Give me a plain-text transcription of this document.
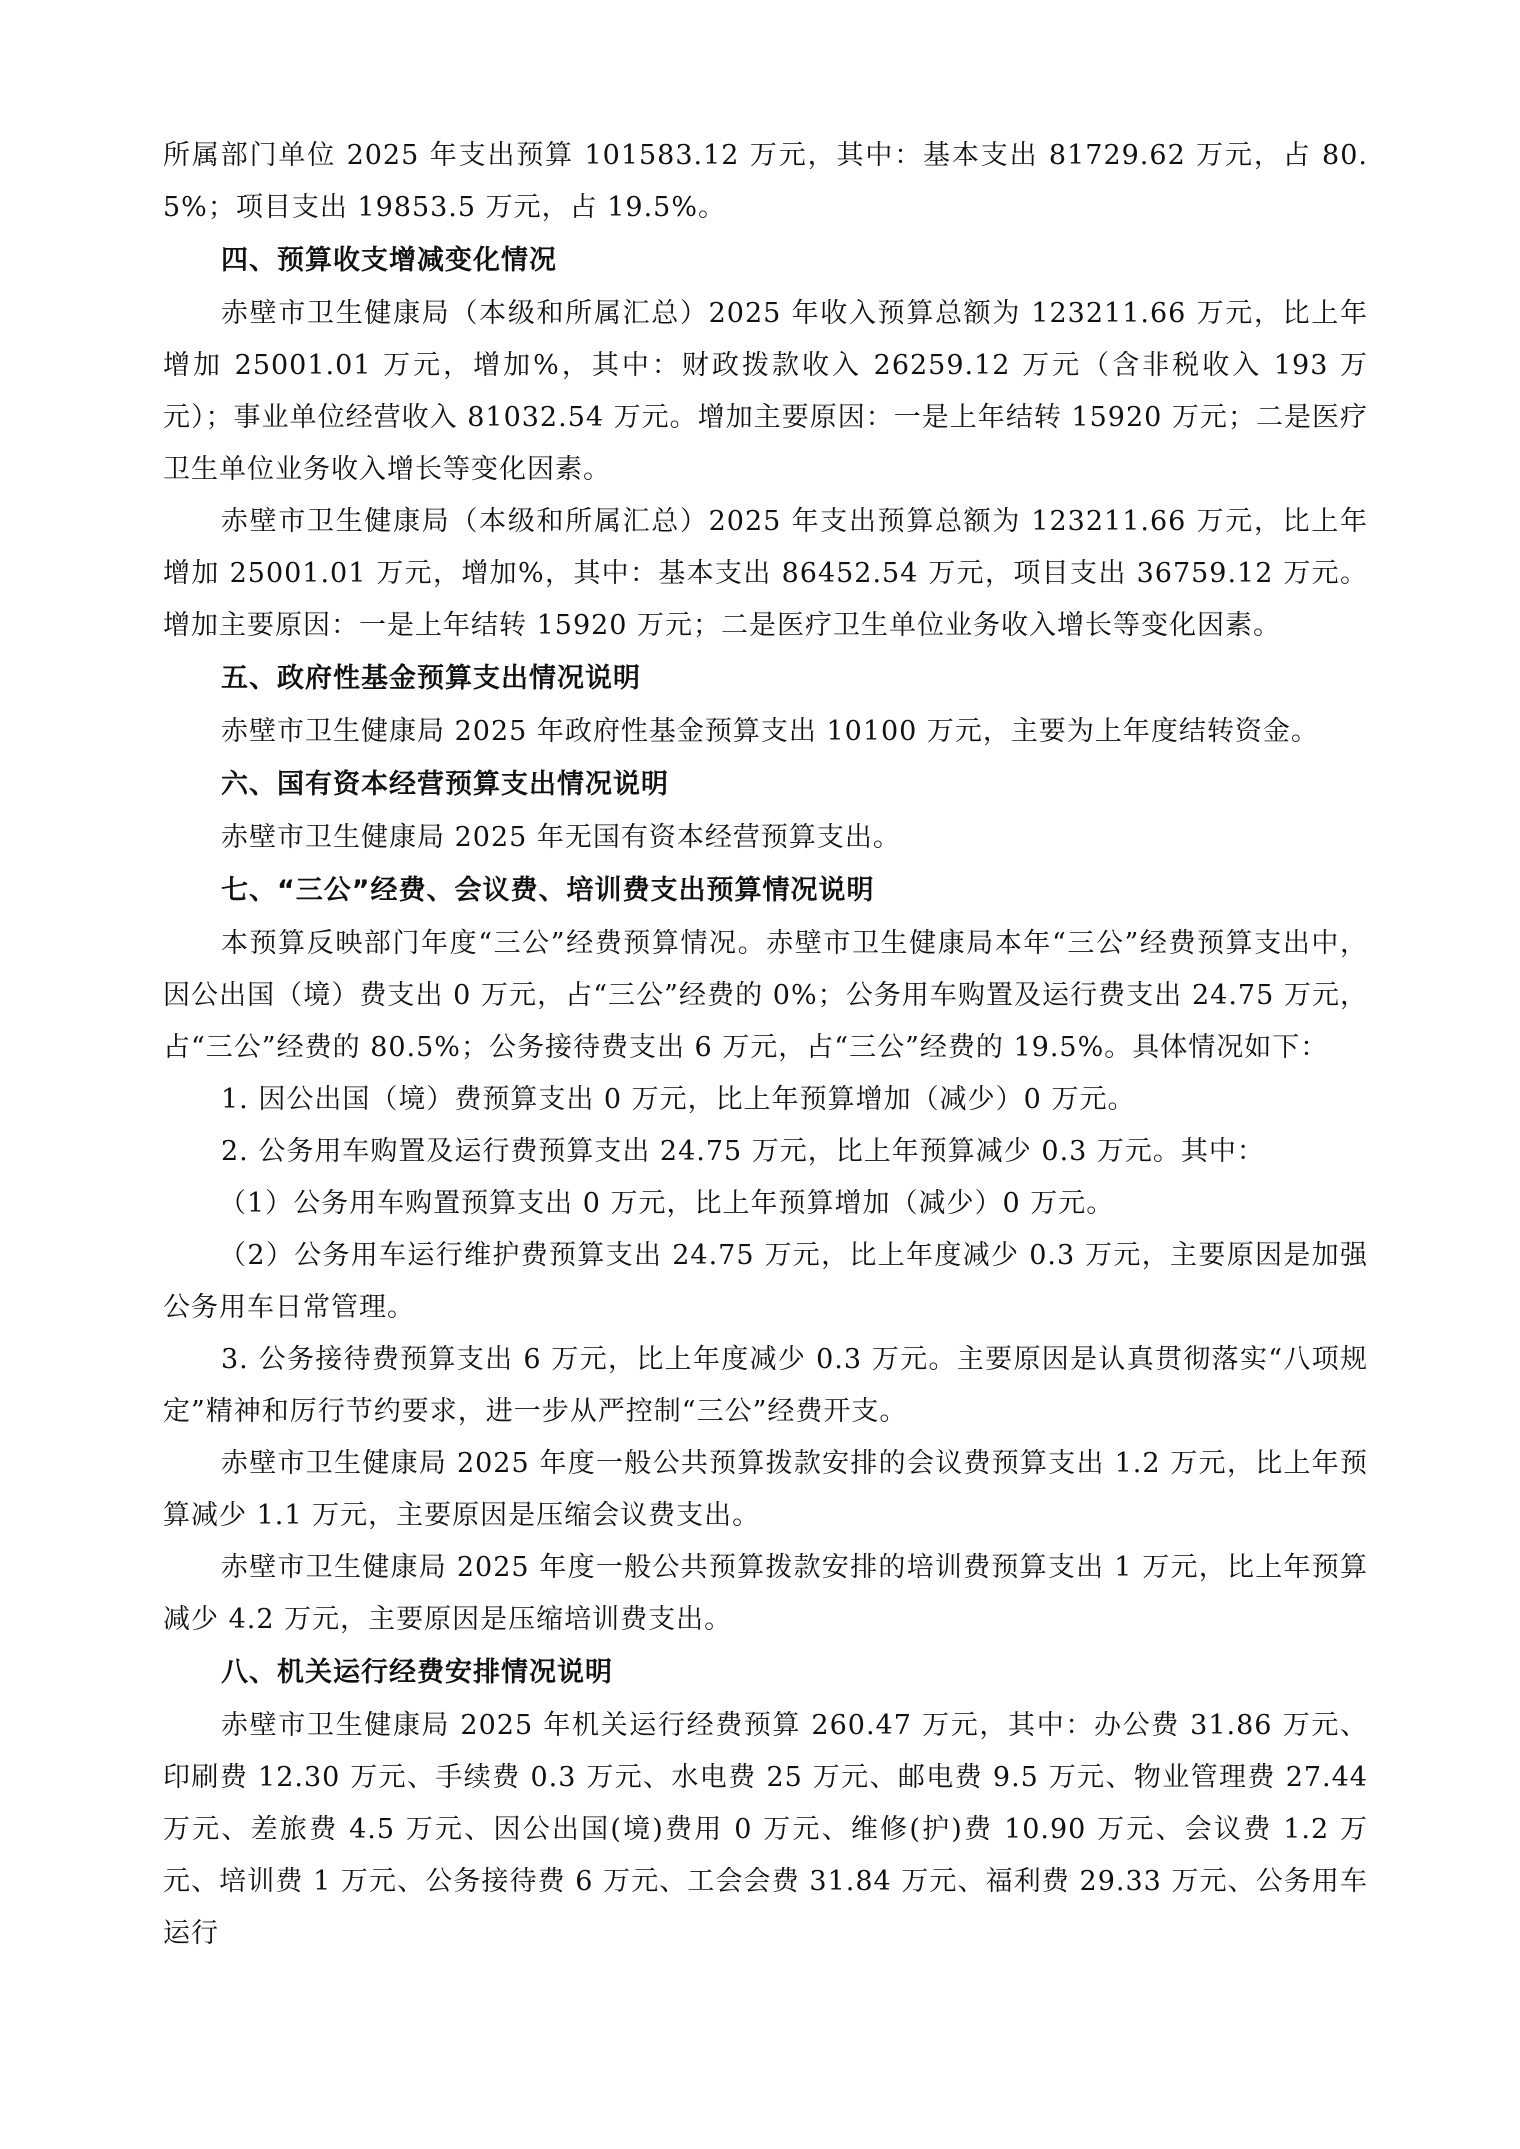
所属部门单位 2025 年支出预算 101583.12 万元，其中：基本支出 81729.62 万元，占 80.5%；项目支出 19853.5 万元，占 19.5%。
四、预算收支增减变化情况
赤壁市卫生健康局（本级和所属汇总）2025 年收入预算总额为 123211.66 万元，比上年增加 25001.01 万元，增加%，其中：财政拨款收入 26259.12 万元（含非税收入 193 万元）；事业单位经营收入 81032.54 万元。增加主要原因：一是上年结转 15920 万元；二是医疗卫生单位业务收入增长等变化因素。
赤壁市卫生健康局（本级和所属汇总）2025 年支出预算总额为 123211.66 万元，比上年增加 25001.01 万元，增加%，其中：基本支出 86452.54 万元，项目支出 36759.12 万元。增加主要原因：一是上年结转 15920 万元；二是医疗卫生单位业务收入增长等变化因素。
五、政府性基金预算支出情况说明
赤壁市卫生健康局 2025 年政府性基金预算支出 10100 万元，主要为上年度结转资金。
六、国有资本经营预算支出情况说明
赤壁市卫生健康局 2025 年无国有资本经营预算支出。
七、“三公”经费、会议费、培训费支出预算情况说明
本预算反映部门年度“三公”经费预算情况。赤壁市卫生健康局本年“三公”经费预算支出中，因公出国（境）费支出 0 万元，占“三公”经费的 0%；公务用车购置及运行费支出 24.75 万元，占“三公”经费的 80.5%；公务接待费支出 6 万元，占“三公”经费的 19.5%。具体情况如下：
1. 因公出国（境）费预算支出 0 万元，比上年预算增加（减少）0 万元。
2. 公务用车购置及运行费预算支出 24.75 万元，比上年预算减少 0.3 万元。其中：
（1）公务用车购置预算支出 0 万元，比上年预算增加（减少）0 万元。
（2）公务用车运行维护费预算支出 24.75 万元，比上年度减少 0.3 万元，主要原因是加强公务用车日常管理。
3. 公务接待费预算支出 6 万元，比上年度减少 0.3 万元。主要原因是认真贯彻落实“八项规定”精神和厉行节约要求，进一步从严控制“三公”经费开支。
赤壁市卫生健康局 2025 年度一般公共预算拨款安排的会议费预算支出 1.2 万元，比上年预算减少 1.1 万元，主要原因是压缩会议费支出。
赤壁市卫生健康局 2025 年度一般公共预算拨款安排的培训费预算支出 1 万元，比上年预算减少 4.2 万元，主要原因是压缩培训费支出。
八、机关运行经费安排情况说明
赤壁市卫生健康局 2025 年机关运行经费预算 260.47 万元，其中：办公费 31.86 万元、印刷费 12.30 万元、手续费 0.3 万元、水电费 25 万元、邮电费 9.5 万元、物业管理费 27.44 万元、差旅费 4.5 万元、因公出国(境)费用 0 万元、维修(护)费 10.90 万元、会议费 1.2 万元、培训费 1 万元、公务接待费 6 万元、工会会费 31.84 万元、福利费 29.33 万元、公务用车运行
